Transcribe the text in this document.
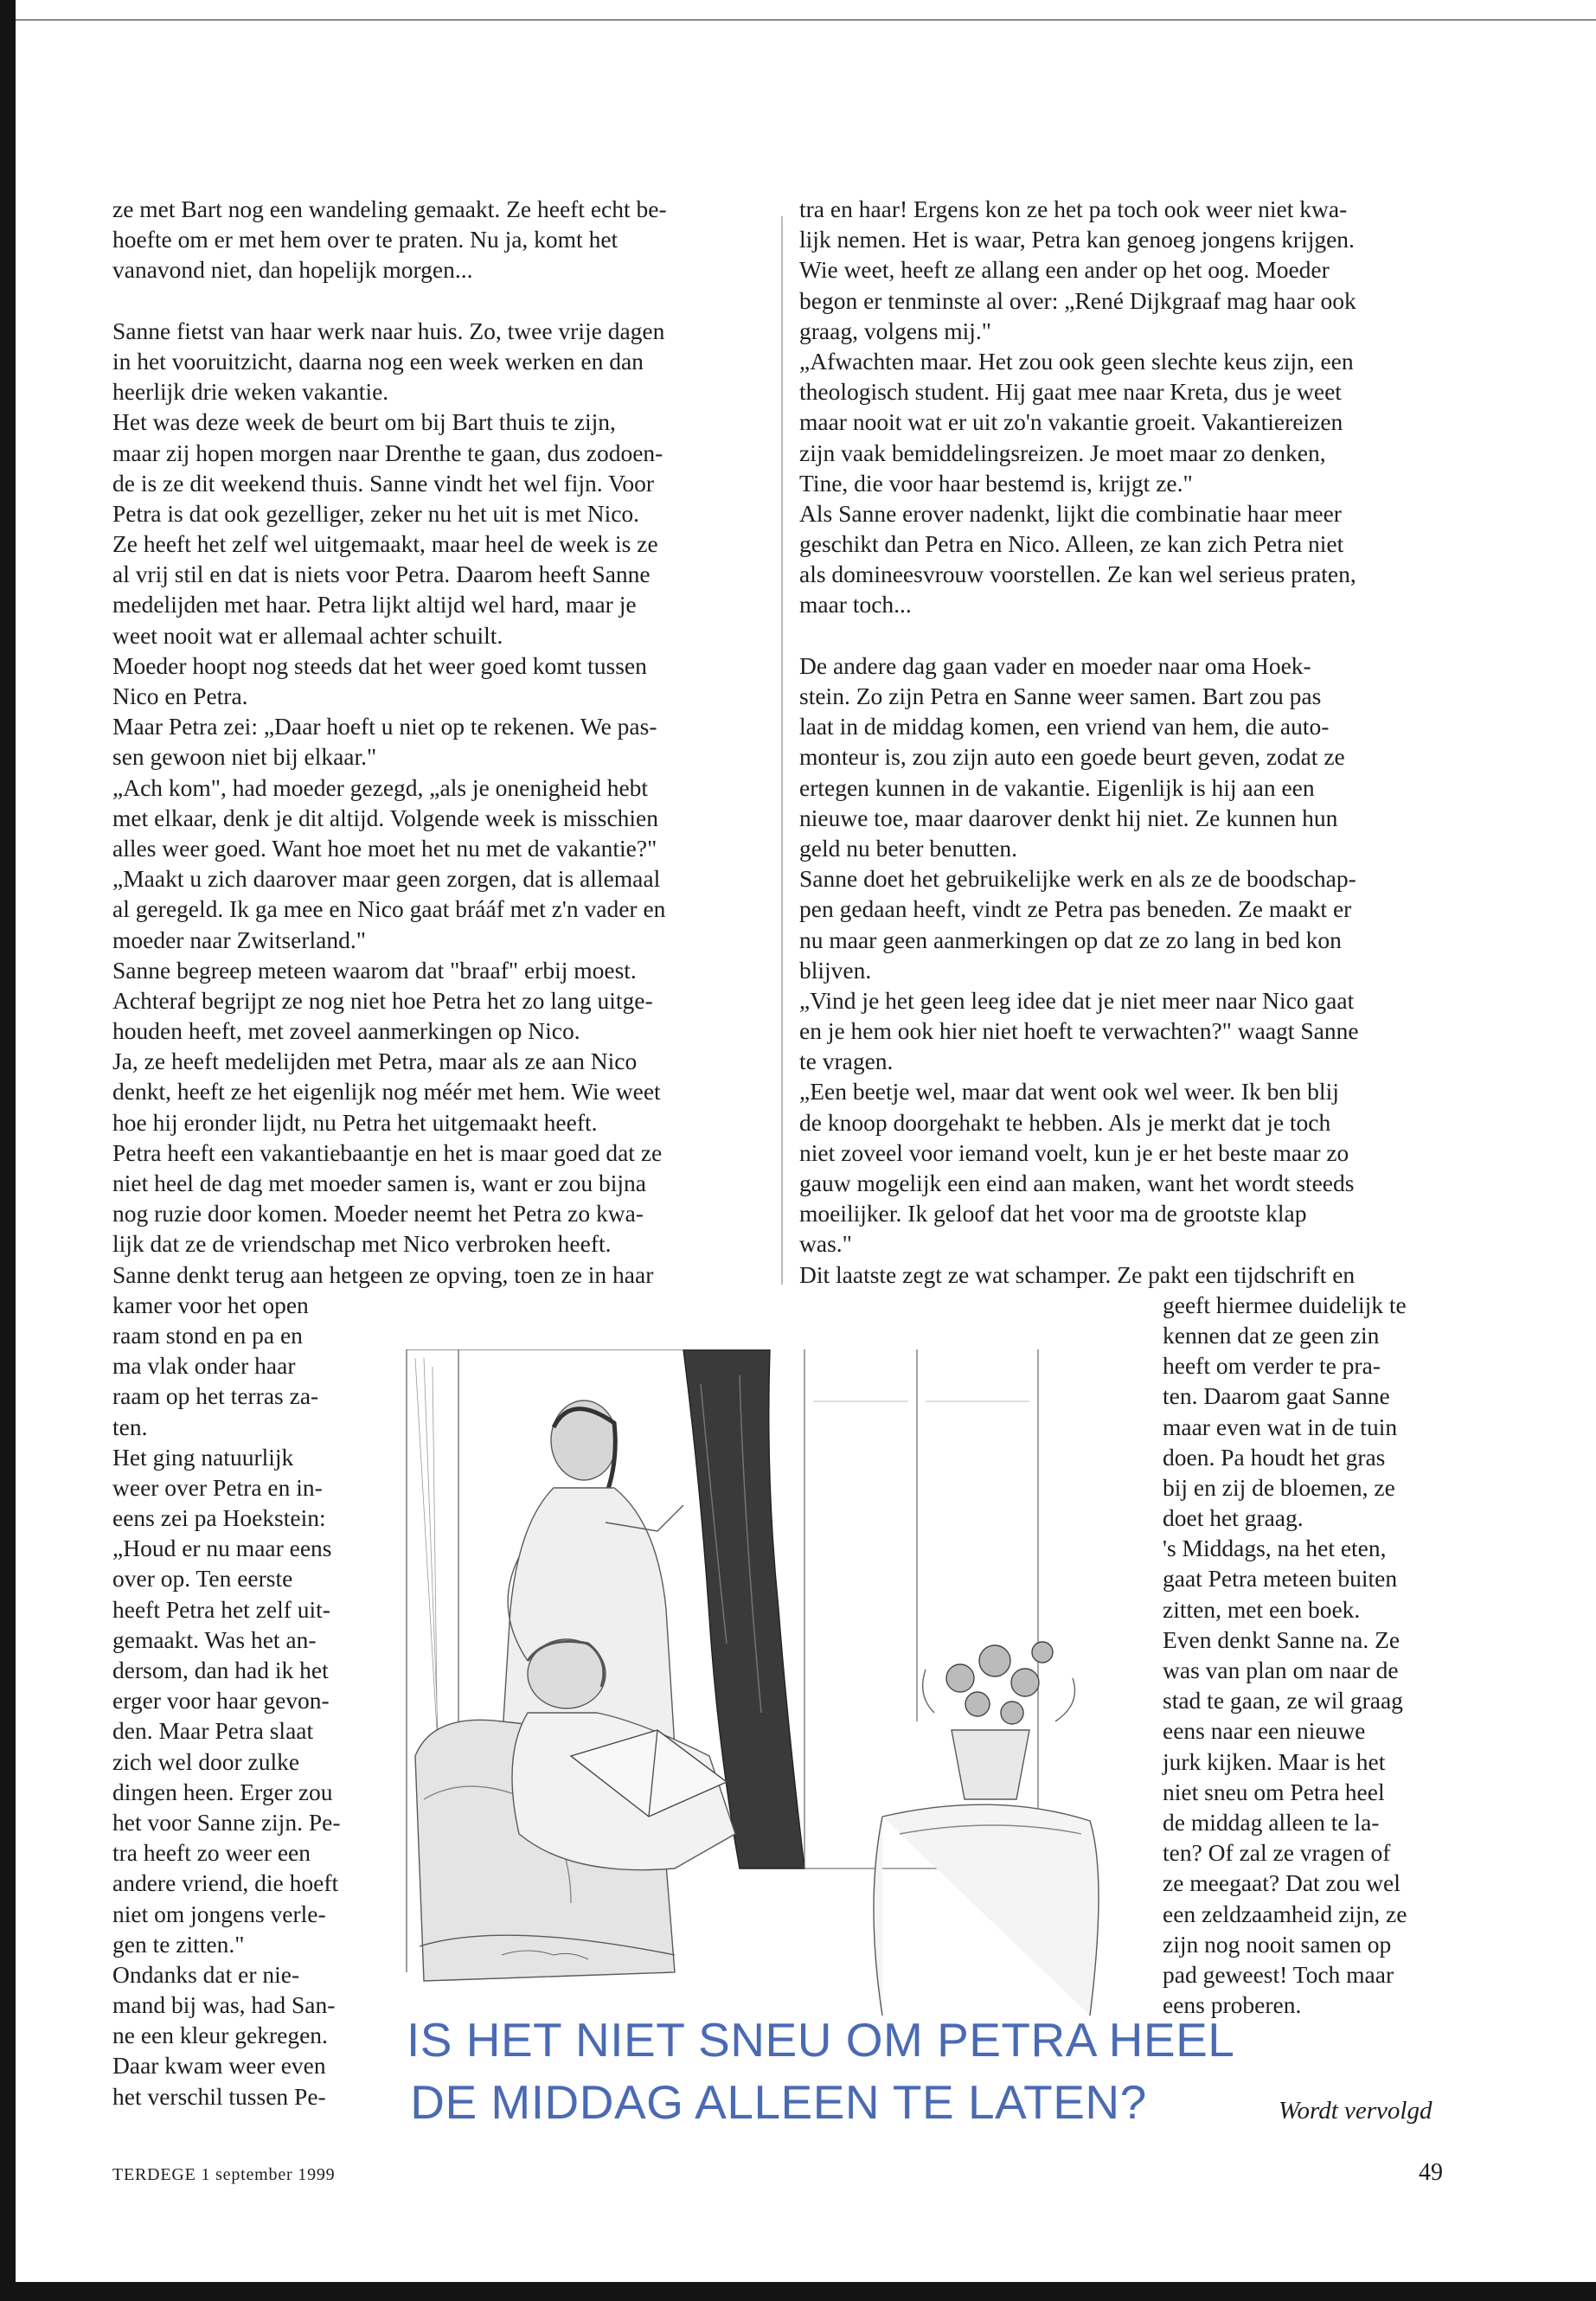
ze met Bart nog een wandeling gemaakt. Ze heeft echt be-
hoefte om er met hem over te praten. Nu ja, komt het
vanavond niet, dan hopelijk morgen...
Sanne fietst van haar werk naar huis. Zo, twee vrije dagen
in het vooruitzicht, daarna nog een week werken en dan
heerlijk drie weken vakantie.
Het was deze week de beurt om bij Bart thuis te zijn,
maar zij hopen morgen naar Drenthe te gaan, dus zodoen-
de is ze dit weekend thuis. Sanne vindt het wel fijn. Voor
Petra is dat ook gezelliger, zeker nu het uit is met Nico.
Ze heeft het zelf wel uitgemaakt, maar heel de week is ze
al vrij stil en dat is niets voor Petra. Daarom heeft Sanne
medelijden met haar. Petra lijkt altijd wel hard, maar je
weet nooit wat er allemaal achter schuilt.
Moeder hoopt nog steeds dat het weer goed komt tussen
Nico en Petra.
Maar Petra zei: „Daar hoeft u niet op te rekenen. We pas-
sen gewoon niet bij elkaar."
„Ach kom", had moeder gezegd, „als je onenigheid hebt
met elkaar, denk je dit altijd. Volgende week is misschien
alles weer goed. Want hoe moet het nu met de vakantie?"
„Maakt u zich daarover maar geen zorgen, dat is allemaal
al geregeld. Ik ga mee en Nico gaat brááf met z'n vader en
moeder naar Zwitserland."
Sanne begreep meteen waarom dat "braaf" erbij moest.
Achteraf begrijpt ze nog niet hoe Petra het zo lang uitge-
houden heeft, met zoveel aanmerkingen op Nico.
Ja, ze heeft medelijden met Petra, maar als ze aan Nico
denkt, heeft ze het eigenlijk nog méér met hem. Wie weet
hoe hij eronder lijdt, nu Petra het uitgemaakt heeft.
Petra heeft een vakantiebaantje en het is maar goed dat ze
niet heel de dag met moeder samen is, want er zou bijna
nog ruzie door komen. Moeder neemt het Petra zo kwa-
lijk dat ze de vriendschap met Nico verbroken heeft.
Sanne denkt terug aan hetgeen ze opving, toen ze in haar
kamer voor het open
raam stond en pa en
ma vlak onder haar
raam op het terras za-
ten.
Het ging natuurlijk
weer over Petra en in-
eens zei pa Hoekstein:
„Houd er nu maar eens
over op. Ten eerste
heeft Petra het zelf uit-
gemaakt. Was het an-
dersom, dan had ik het
erger voor haar gevon-
den. Maar Petra slaat
zich wel door zulke
dingen heen. Erger zou
het voor Sanne zijn. Pe-
tra heeft zo weer een
andere vriend, die hoeft
niet om jongens verle-
gen te zitten."
Ondanks dat er nie-
mand bij was, had San-
ne een kleur gekregen.
Daar kwam weer even
het verschil tussen Pe-
tra en haar! Ergens kon ze het pa toch ook weer niet kwa-
lijk nemen. Het is waar, Petra kan genoeg jongens krijgen.
Wie weet, heeft ze allang een ander op het oog. Moeder
begon er tenminste al over: „René Dijkgraaf mag haar ook
graag, volgens mij."
„Afwachten maar. Het zou ook geen slechte keus zijn, een
theologisch student. Hij gaat mee naar Kreta, dus je weet
maar nooit wat er uit zo'n vakantie groeit. Vakantiereizen
zijn vaak bemiddelingsreizen. Je moet maar zo denken,
Tine, die voor haar bestemd is, krijgt ze."
Als Sanne erover nadenkt, lijkt die combinatie haar meer
geschikt dan Petra en Nico. Alleen, ze kan zich Petra niet
als domineesvrouw voorstellen. Ze kan wel serieus praten,
maar toch...
De andere dag gaan vader en moeder naar oma Hoek-
stein. Zo zijn Petra en Sanne weer samen. Bart zou pas
laat in de middag komen, een vriend van hem, die auto-
monteur is, zou zijn auto een goede beurt geven, zodat ze
ertegen kunnen in de vakantie. Eigenlijk is hij aan een
nieuwe toe, maar daarover denkt hij niet. Ze kunnen hun
geld nu beter benutten.
Sanne doet het gebruikelijke werk en als ze de boodschap-
pen gedaan heeft, vindt ze Petra pas beneden. Ze maakt er
nu maar geen aanmerkingen op dat ze zo lang in bed kon
blijven.
„Vind je het geen leeg idee dat je niet meer naar Nico gaat
en je hem ook hier niet hoeft te verwachten?" waagt Sanne
te vragen.
„Een beetje wel, maar dat went ook wel weer. Ik ben blij
de knoop doorgehakt te hebben. Als je merkt dat je toch
niet zoveel voor iemand voelt, kun je er het beste maar zo
gauw mogelijk een eind aan maken, want het wordt steeds
moeilijker. Ik geloof dat het voor ma de grootste klap
was."
Dit laatste zegt ze wat schamper. Ze pakt een tijdschrift en
geeft hiermee duidelijk te
kennen dat ze geen zin
heeft om verder te pra-
ten. Daarom gaat Sanne
maar even wat in de tuin
doen. Pa houdt het gras
bij en zij de bloemen, ze
doet het graag.
's Middags, na het eten,
gaat Petra meteen buiten
zitten, met een boek.
Even denkt Sanne na. Ze
was van plan om naar de
stad te gaan, ze wil graag
eens naar een nieuwe
jurk kijken. Maar is het
niet sneu om Petra heel
de middag alleen te la-
ten? Of zal ze vragen of
ze meegaat? Dat zou wel
een zeldzaamheid zijn, ze
zijn nog nooit samen op
pad geweest! Toch maar
eens proberen.
IS HET NIET SNEU OM PETRA HEEL
DE MIDDAG ALLEEN TE LATEN?	Wordt vervolgd
TERDEGE 1 september 1999	49
